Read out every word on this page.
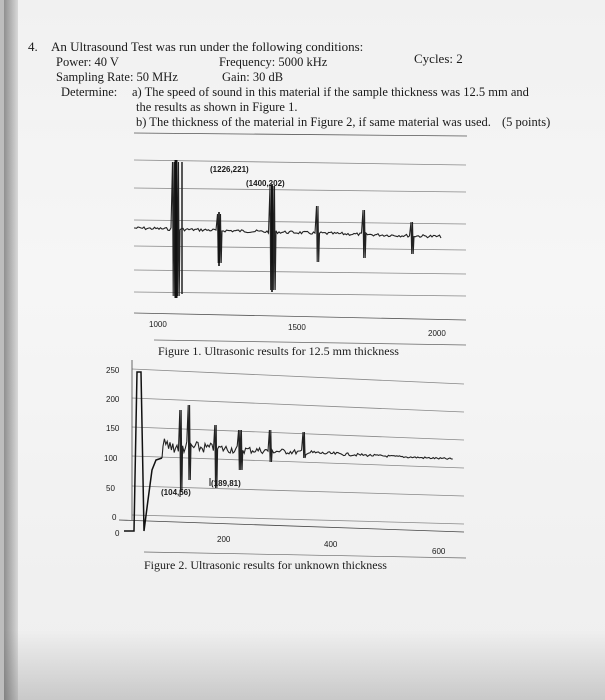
4. An Ultrasound Test was run under the following conditions:
Power: 40 V	Frequency: 5000 kHz	Cycles: 2
Sampling Rate: 50 MHz	Gain: 30 dB
Determine: a) The speed of sound in this material if the sample thickness was 12.5 mm and
the results as shown in Figure 1.
b) The thickness of the material in Figure 2, if same material was used. (5 points)
(1226,221)
(1400,202)
1000	1500
2000
Figure 1. Ultrasonic results for 12.5 mm thickness
250
200
150
100
50
0
(104,56)
(189,81)
0
200
400
600
Figure 2. Ultrasonic results for unknown thickness
